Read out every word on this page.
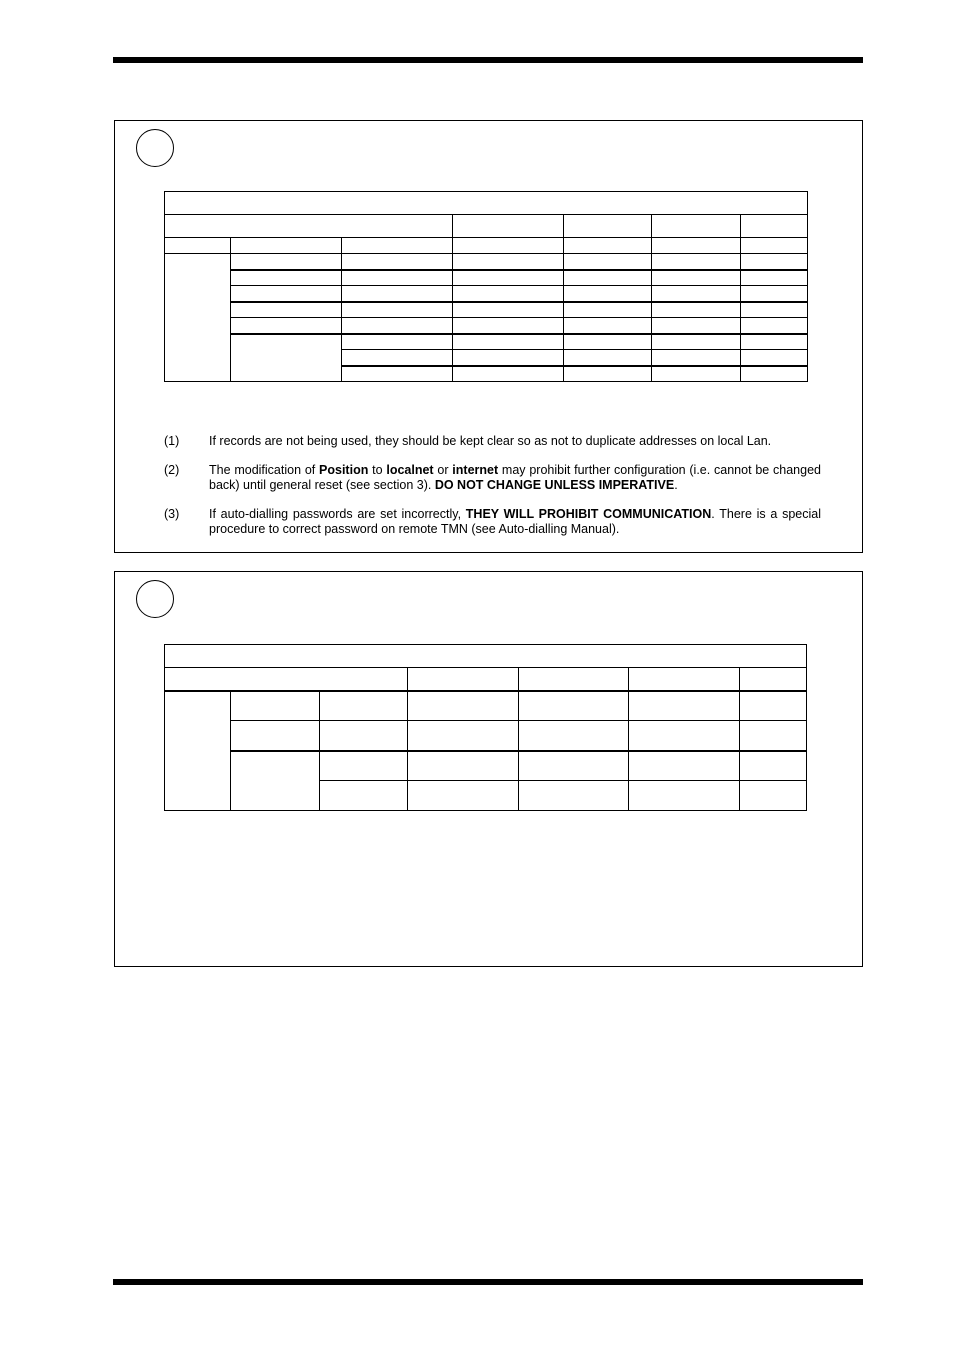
(1)	If records are not being used, they should be kept clear so as not to duplicate addresses on local Lan.
(2)	The modification of Position to localnet or internet may prohibit further configuration (i.e. cannot be changed back) until general reset (see section 3). DO NOT CHANGE UNLESS IMPERATIVE.
(3)	If auto-dialling passwords are set incorrectly, THEY WILL PROHIBIT COMMUNICATION. There is a special procedure to correct password on remote TMN (see Auto-dialling Manual).
